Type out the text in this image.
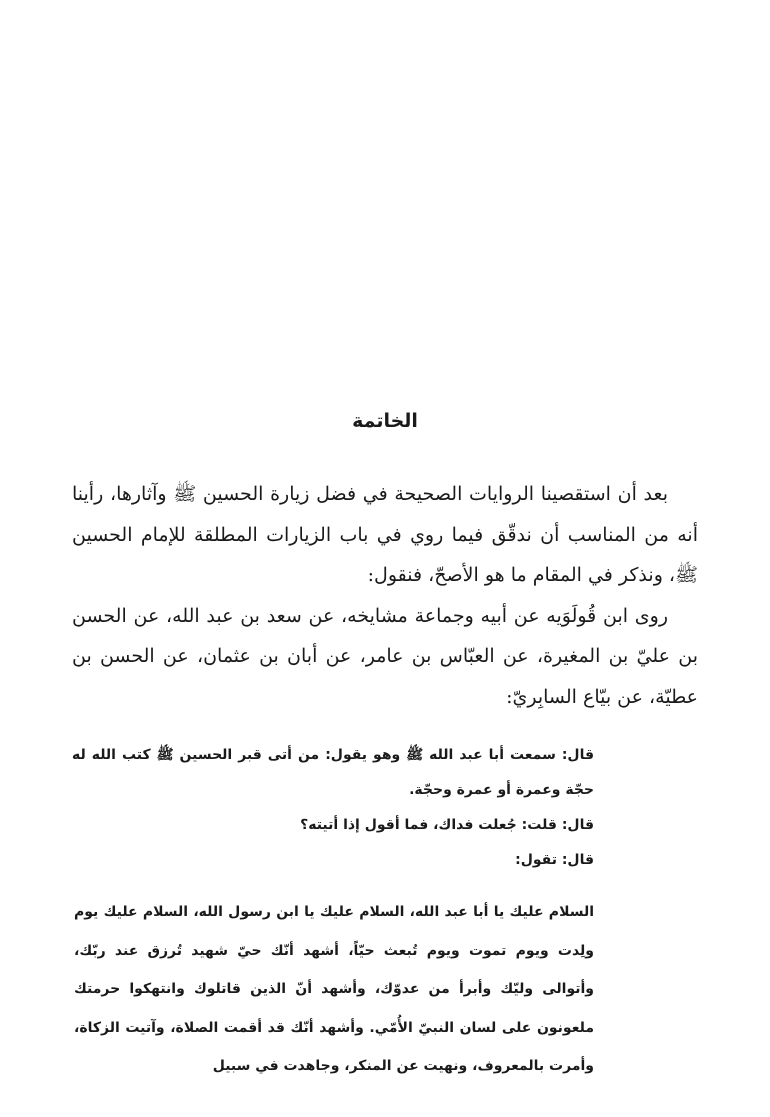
الخاتمة

بعد أن استقصينا الروايات الصحيحة في فضل زيارة الحسين ﷺ وآثارها، رأينا أنه من المناسب أن ندقّق فيما روي في باب الزيارات المطلقة للإمام الحسين ﷺ، ونذكر في المقام ما هو الأصحّ، فنقول:

روى ابن قُولَوَيه عن أبيه وجماعة مشايخه، عن سعد بن عبد الله، عن الحسن بن عليّ بن المغيرة، عن العبّاس بن عامر، عن أبان بن عثمان، عن الحسن بن عطيّة، عن بيّاع السابِريّ:

قال: سمعت أبا عبد الله ﷺ وهو يقول: من أتى قبر الحسين ﷺ كتب الله له حجّة وعمرة أو عمرة وحجّة.

قال: قلت: جُعلت فداك، فما أقول إذا أتيته؟

قال: تقول:

السلام عليك يا أبا عبد الله، السلام عليك يا ابن رسول الله، السلام عليك يوم ولِدت ويوم تموت ويوم تُبعث حيّاً، أشهد أنّك حيّ شهيد تُرزق عند ربّك، وأتوالى وليّك وأبرأ من عدوّك، وأشهد أنّ الذين قاتلوك وانتهكوا حرمتك ملعونون على لسان النبيّ الأُمّي. وأشهد أنّك قد أقمت الصلاة، وآتيت الزكاة، وأمرت بالمعروف، ونهيت عن المنكر، وجاهدت في سبيل
